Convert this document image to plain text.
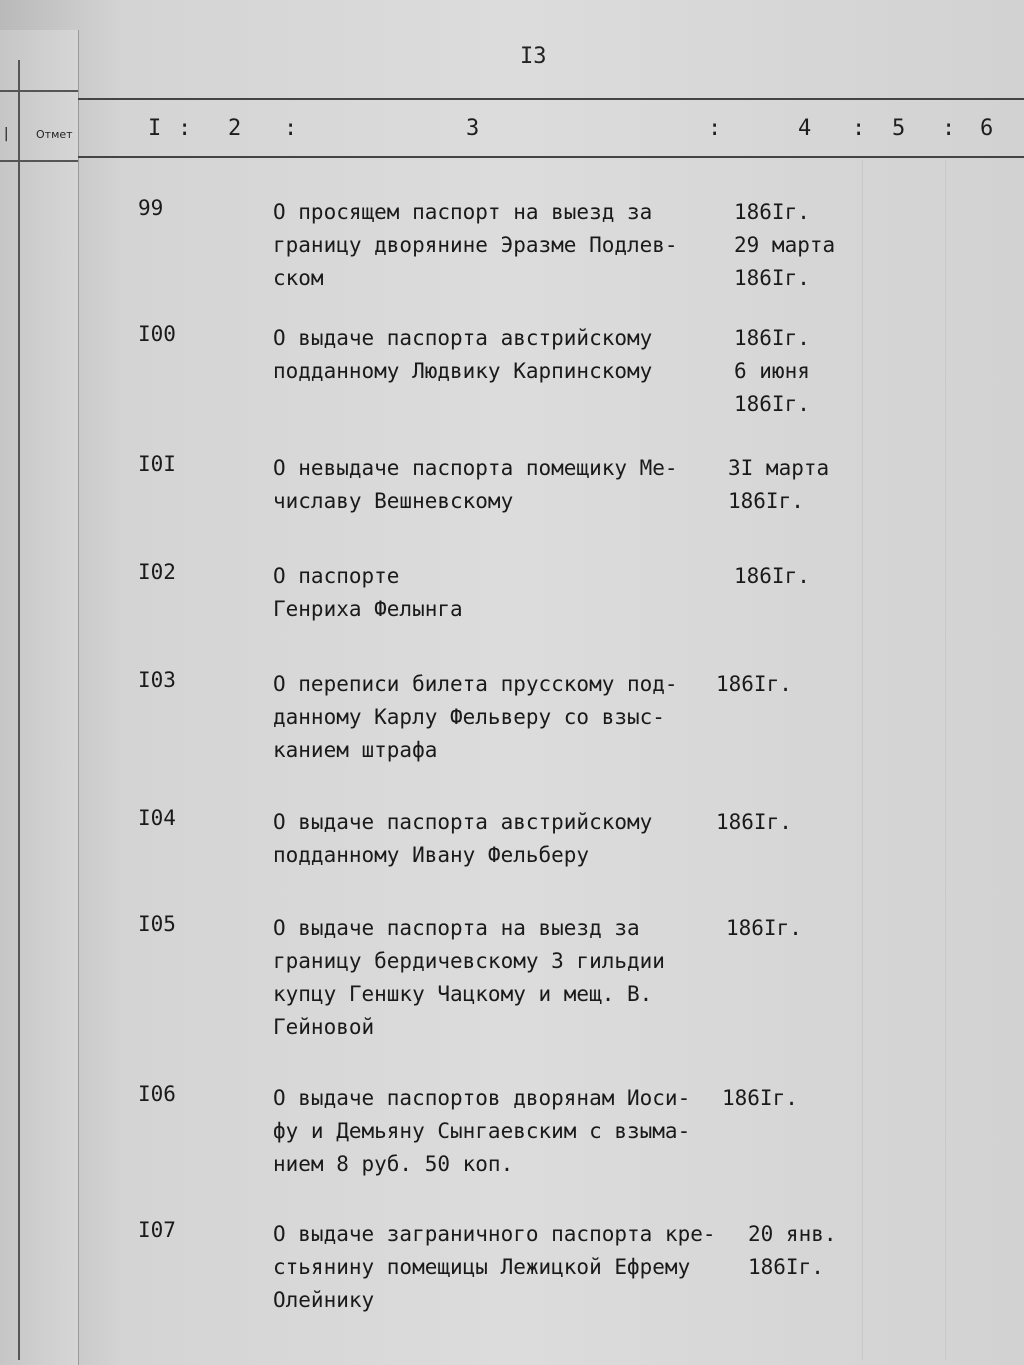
| Отмет
I3
I : 2 :	3	:	4 : 5 : 6
99	О просящем паспорт на выезд за
границу дворянине Эразме Подлев-
ском
186Iг.
29 марта
186Iг.
I00	О выдаче паспорта австрийскому
подданному Людвику Карпинскому
186Iг.
6 июня
186Iг.
I0I	О невыдаче паспорта помещику Ме-
числаву Вешневскому
3I марта
186Iг.
I02	О паспорте
Генриха Фелынга
186Iг.
I03	О переписи билета прусскому под-
данному Карлу Фельверу со взыс-
канием штрафа
186Iг.
I04	О выдаче паспорта австрийскому
подданному Ивану Фельберу
186Iг.
I05	О выдаче паспорта на выезд за
границу бердичевскому 3 гильдии
купцу Геншку Чацкому и мещ. В.
Гейновой
186Iг.
I06	О выдаче паспортов дворянам Иоси-
фу и Демьяну Сынгаевским с взыма-
нием 8 руб. 50 коп.
186Iг.
I07	О выдаче заграничного паспорта кре-
стьянину помещицы Лежицкой Ефрему
Олейнику
20 янв.
186Iг.
